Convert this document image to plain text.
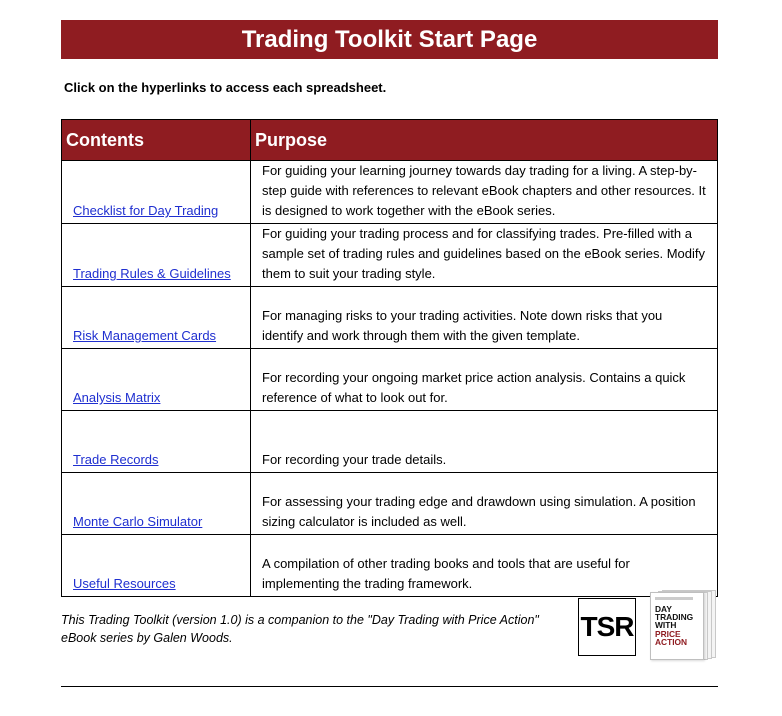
Trading Toolkit Start Page
Click on the hyperlinks to access each spreadsheet.
Contents	Purpose
Checklist for Day Trading	For guiding your learning journey towards day trading for a living. A step-by-step guide with references to relevant eBook chapters and other resources. It is designed to work together with the eBook series.
Trading Rules & Guidelines	For guiding your trading process and for classifying trades. Pre-filled with a sample set of trading rules and guidelines based on the eBook series. Modify them to suit your trading style.
Risk Management Cards	For managing risks to your trading activities. Note down risks that you identify and work through them with the given template.
Analysis Matrix	For recording your ongoing market price action analysis. Contains a quick reference of what to look out for.
Trade Records	For recording your trade details.
Monte Carlo Simulator	For assessing your trading edge and drawdown using simulation. A position sizing calculator is included as well.
Useful Resources	A compilation of other trading books and tools that are useful for implementing the trading framework.
This Trading Toolkit (version 1.0) is a companion to the "Day Trading with Price Action" eBook series by Galen Woods.	TSR
DAY
TRADING
WITH
PRICE
ACTION
